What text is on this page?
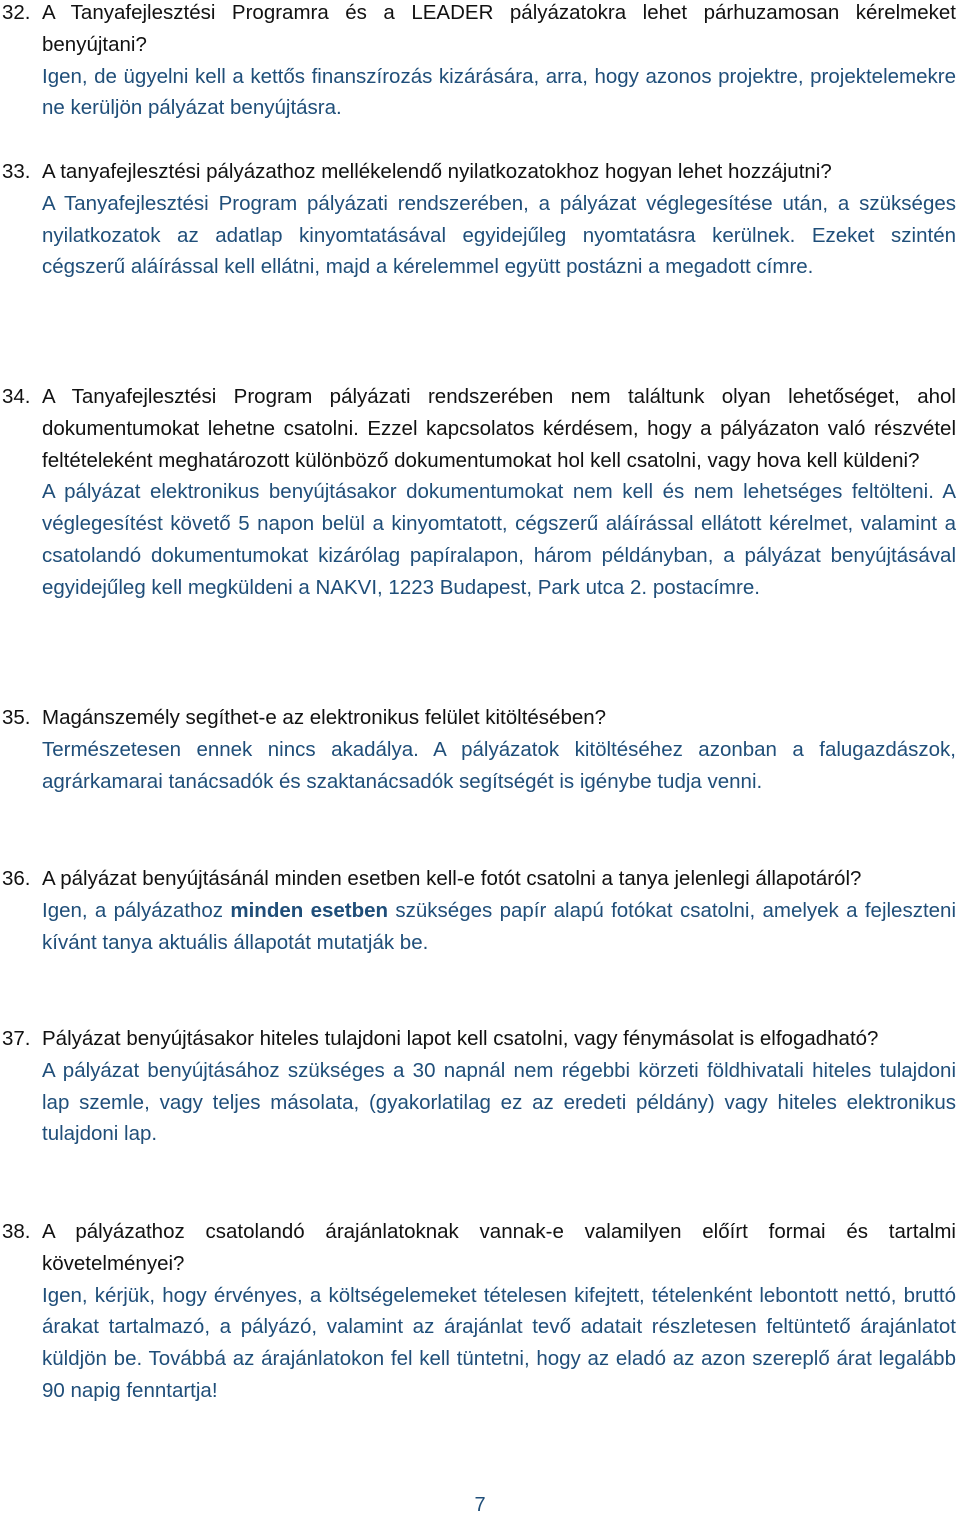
32. A Tanyafejlesztési Programra és a LEADER pályázatokra lehet párhuzamosan kérelmeket benyújtani?

Igen, de ügyelni kell a kettős finanszírozás kizárására, arra, hogy azonos projektre, projektelemekre ne kerüljön pályázat benyújtásra.

33. A tanyafejlesztési pályázathoz mellékelendő nyilatkozatokhoz hogyan lehet hozzájutni?

A Tanyafejlesztési Program pályázati rendszerében, a pályázat véglegesítése után, a szükséges nyilatkozatok az adatlap kinyomtatásával egyidejűleg nyomtatásra kerülnek. Ezeket szintén cégszerű aláírással kell ellátni, majd a kérelemmel együtt postázni a megadott címre.

34. A Tanyafejlesztési Program pályázati rendszerében nem találtunk olyan lehetőséget, ahol dokumentumokat lehetne csatolni. Ezzel kapcsolatos kérdésem, hogy a pályázaton való részvétel feltételeként meghatározott különböző dokumentumokat hol kell csatolni, vagy hova kell küldeni?

A pályázat elektronikus benyújtásakor dokumentumokat nem kell és nem lehetséges feltölteni. A véglegesítést követő 5 napon belül a kinyomtatott, cégszerű aláírással ellátott kérelmet, valamint a csatolandó dokumentumokat kizárólag papíralapon, három példányban, a pályázat benyújtásával egyidejűleg kell megküldeni a NAKVI, 1223 Budapest, Park utca 2. postacímre.

35. Magánszemély segíthet-e az elektronikus felület kitöltésében?

Természetesen ennek nincs akadálya. A pályázatok kitöltéséhez azonban a falugazdászok, agrárkamarai tanácsadók és szaktanácsadók segítségét is igénybe tudja venni.

36. A pályázat benyújtásánál minden esetben kell-e fotót csatolni a tanya jelenlegi állapotáról?

Igen, a pályázathoz minden esetben szükséges papír alapú fotókat csatolni, amelyek a fejleszteni kívánt tanya aktuális állapotát mutatják be.

37. Pályázat benyújtásakor hiteles tulajdoni lapot kell csatolni, vagy fénymásolat is elfogadható?

A pályázat benyújtásához szükséges a 30 napnál nem régebbi körzeti földhivatali hiteles tulajdoni lap szemle, vagy teljes másolata, (gyakorlatilag ez az eredeti példány) vagy hiteles elektronikus tulajdoni lap.

38. A pályázathoz csatolandó árajánlatoknak vannak-e valamilyen előírt formai és tartalmi követelményei?

Igen, kérjük, hogy érvényes, a költségelemeket tételesen kifejtett, tételenként lebontott nettó, bruttó árakat tartalmazó, a pályázó, valamint az árajánlat tevő adatait részletesen feltüntető árajánlatot küldjön be. Továbbá az árajánlatokon fel kell tüntetni, hogy az eladó az azon szereplő árat legalább 90 napig fenntartja!

7
